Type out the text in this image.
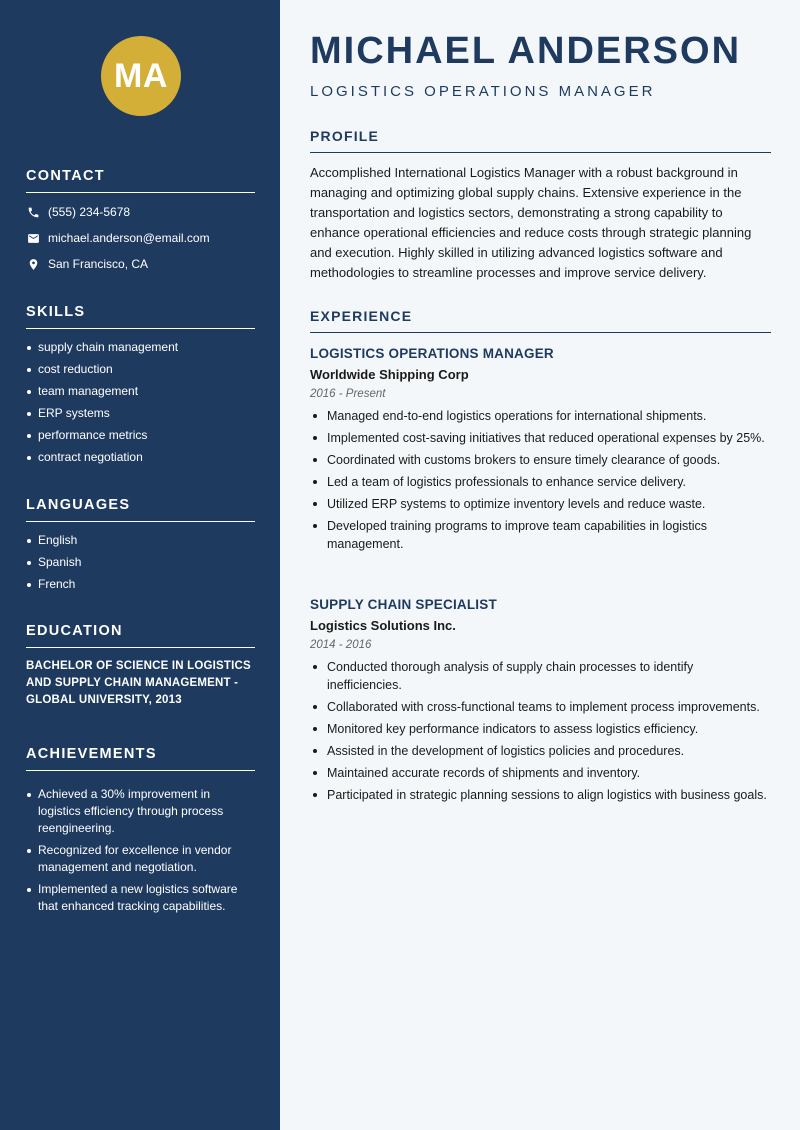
MA
CONTACT
(555) 234-5678
michael.anderson@email.com
San Francisco, CA
SKILLS
supply chain management
cost reduction
team management
ERP systems
performance metrics
contract negotiation
LANGUAGES
English
Spanish
French
EDUCATION
BACHELOR OF SCIENCE IN LOGISTICS AND SUPPLY CHAIN MANAGEMENT - GLOBAL UNIVERSITY, 2013
ACHIEVEMENTS
Achieved a 30% improvement in logistics efficiency through process reengineering.
Recognized for excellence in vendor management and negotiation.
Implemented a new logistics software that enhanced tracking capabilities.
MICHAEL ANDERSON
LOGISTICS OPERATIONS MANAGER
PROFILE

Accomplished International Logistics Manager with a robust background in managing and optimizing global supply chains. Extensive experience in the transportation and logistics sectors, demonstrating a strong capability to enhance operational efficiencies and reduce costs through strategic planning and execution. Highly skilled in utilizing advanced logistics software and methodologies to streamline processes and improve service delivery.

EXPERIENCE
LOGISTICS OPERATIONS MANAGER
Worldwide Shipping Corp
2016 - Present
Managed end-to-end logistics operations for international shipments.
Implemented cost-saving initiatives that reduced operational expenses by 25%.
Coordinated with customs brokers to ensure timely clearance of goods.
Led a team of logistics professionals to enhance service delivery.
Utilized ERP systems to optimize inventory levels and reduce waste.
Developed training programs to improve team capabilities in logistics management.
SUPPLY CHAIN SPECIALIST
Logistics Solutions Inc.
2014 - 2016
Conducted thorough analysis of supply chain processes to identify inefficiencies.
Collaborated with cross-functional teams to implement process improvements.
Monitored key performance indicators to assess logistics efficiency.
Assisted in the development of logistics policies and procedures.
Maintained accurate records of shipments and inventory.
Participated in strategic planning sessions to align logistics with business goals.
